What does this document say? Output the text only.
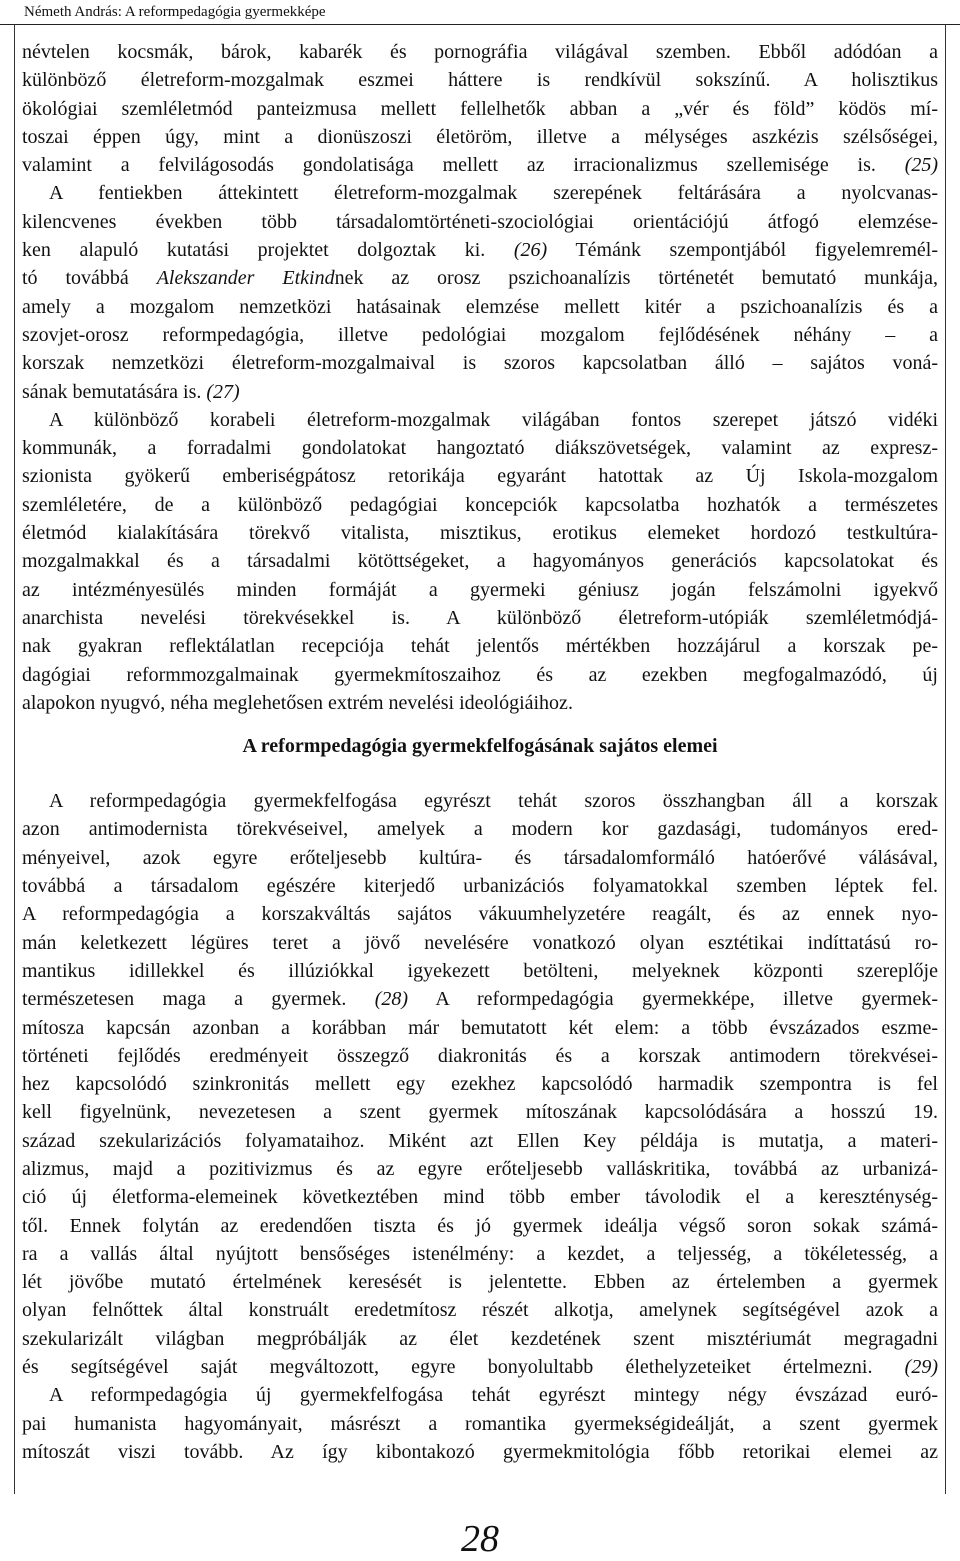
Németh András: A reformpedagógia gyermekképe
névtelen kocsmák, bárok, kabarék és pornográfia világával szemben. Ebből adódóan a
különböző életreform-mozgalmak eszmei háttere is rendkívül sokszínű. A holisztikus
ökológiai szemléletmód panteizmusa mellett fellelhetők abban a „vér és föld” ködös mí-
toszai éppen úgy, mint a dionüszoszi életöröm, illetve a mélységes aszkézis szélsőségei,
valamint a felvilágosodás gondolatisága mellett az irracionalizmus szellemisége is. (25)
A fentiekben áttekintett életreform-mozgalmak szerepének feltárására a nyolcvanas-
kilencvenes években több társadalomtörténeti-szociológiai orientációjú átfogó elemzése-
ken alapuló kutatási projektet dolgoztak ki. (26) Témánk szempontjából figyelemremél-
tó továbbá Alekszander Etkindnek az orosz pszichoanalízis történetét bemutató munkája,
amely a mozgalom nemzetközi hatásainak elemzése mellett kitér a pszichoanalízis és a
szovjet-orosz reformpedagógia, illetve pedológiai mozgalom fejlődésének néhány – a
korszak nemzetközi életreform-mozgalmaival is szoros kapcsolatban álló – sajátos voná-
sának bemutatására is. (27)
A különböző korabeli életreform-mozgalmak világában fontos szerepet játszó vidéki
kommunák, a forradalmi gondolatokat hangoztató diákszövetségek, valamint az expresz-
szionista gyökerű emberiségpátosz retorikája egyaránt hatottak az Új Iskola-mozgalom
szemléletére, de a különböző pedagógiai koncepciók kapcsolatba hozhatók a természetes
életmód kialakítására törekvő vitalista, misztikus, erotikus elemeket hordozó testkultúra-
mozgalmakkal és a társadalmi kötöttségeket, a hagyományos generációs kapcsolatokat és
az intézményesülés minden formáját a gyermeki géniusz jogán felszámolni igyekvő
anarchista nevelési törekvésekkel is. A különböző életreform-utópiák szemléletmódjá-
nak gyakran reflektálatlan recepciója tehát jelentős mértékben hozzájárul a korszak pe-
dagógiai reformmozgalmainak gyermekmítoszaihoz és az ezekben megfogalmazódó, új
alapokon nyugvó, néha meglehetősen extrém nevelési ideológiáihoz.
A reformpedagógia gyermekfelfogásának sajátos elemei
A reformpedagógia gyermekfelfogása egyrészt tehát szoros összhangban áll a korszak
azon antimodernista törekvéseivel, amelyek a modern kor gazdasági, tudományos ered-
ményeivel, azok egyre erőteljesebb kultúra- és társadalomformáló hatóerővé válásával,
továbbá a társadalom egészére kiterjedő urbanizációs folyamatokkal szemben léptek fel.
A reformpedagógia a korszakváltás sajátos vákuumhelyzetére reagált, és az ennek nyo-
mán keletkezett légüres teret a jövő nevelésére vonatkozó olyan esztétikai indíttatású ro-
mantikus idillekkel és illúziókkal igyekezett betölteni, melyeknek központi szereplője
természetesen maga a gyermek. (28) A reformpedagógia gyermekképe, illetve gyermek-
mítosza kapcsán azonban a korábban már bemutatott két elem: a több évszázados eszme-
történeti fejlődés eredményeit összegző diakronitás és a korszak antimodern törekvései-
hez kapcsolódó szinkronitás mellett egy ezekhez kapcsolódó harmadik szempontra is fel
kell figyelnünk, nevezetesen a szent gyermek mítoszának kapcsolódására a hosszú 19.
század szekularizációs folyamataihoz. Miként azt Ellen Key példája is mutatja, a materi-
alizmus, majd a pozitivizmus és az egyre erőteljesebb valláskritika, továbbá az urbanizá-
ció új életforma-elemeinek következtében mind több ember távolodik el a kereszténység-
től. Ennek folytán az eredendően tiszta és jó gyermek ideálja végső soron sokak számá-
ra a vallás által nyújtott bensőséges istenélmény: a kezdet, a teljesség, a tökéletesség, a
lét jövőbe mutató értelmének keresését is jelentette. Ebben az értelemben a gyermek
olyan felnőttek által konstruált eredetmítosz részét alkotja, amelynek segítségével azok a
szekularizált világban megpróbálják az élet kezdetének szent misztériumát megragadni
és segítségével saját megváltozott, egyre bonyolultabb élethelyzeteiket értelmezni. (29)
A reformpedagógia új gyermekfelfogása tehát egyrészt mintegy négy évszázad euró-
pai humanista hagyományait, másrészt a romantika gyermekségideálját, a szent gyermek
mítoszát viszi tovább. Az így kibontakozó gyermekmitológia főbb retorikai elemei az
28
